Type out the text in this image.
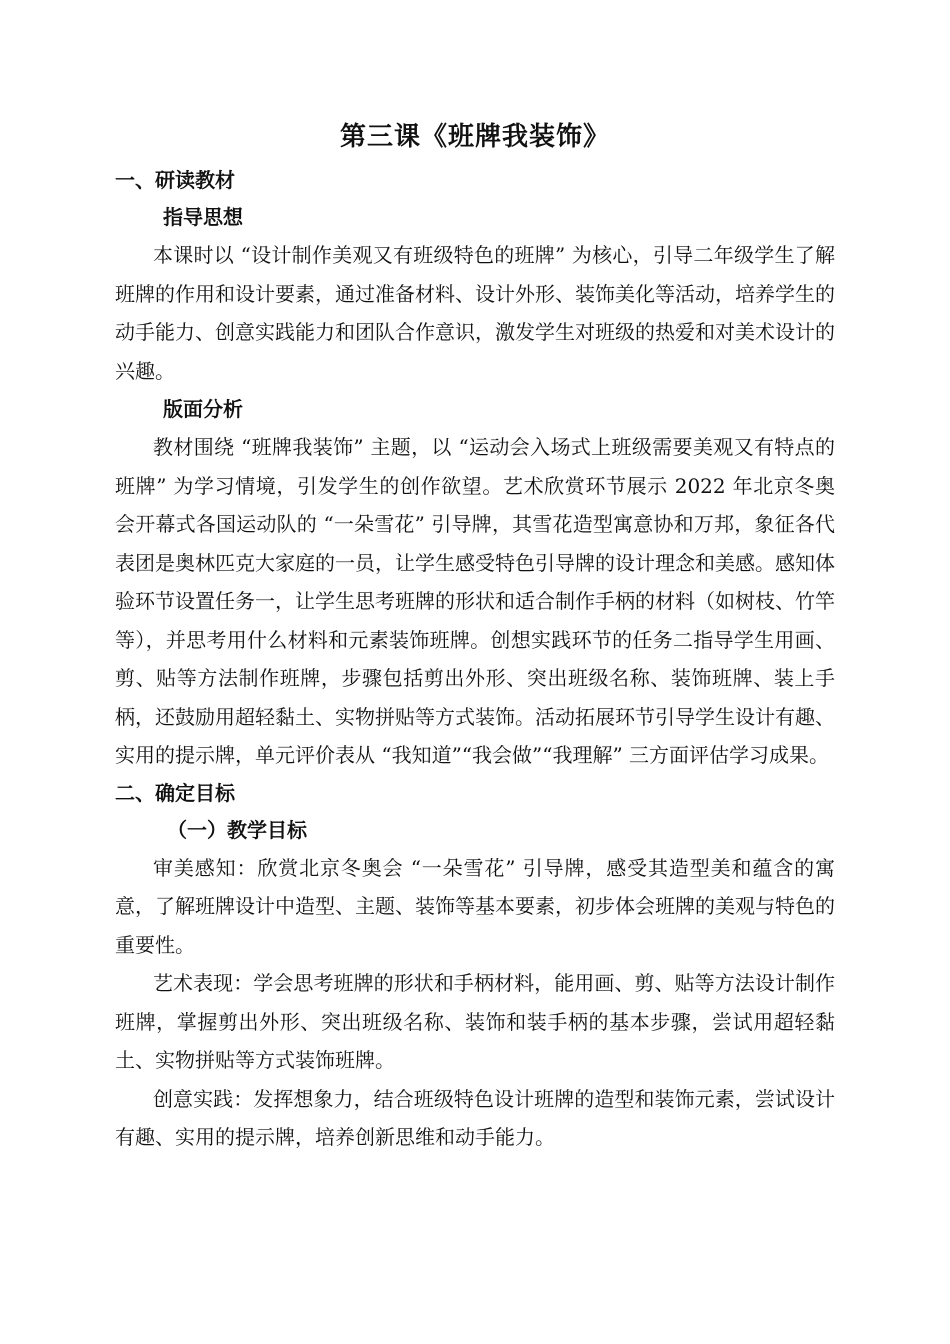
第三课《班牌我装饰》
一、研读教材
指导思想

本课时以 “设计制作美观又有班级特色的班牌” 为核心，引导二年级学生了解班牌的作用和设计要素，通过准备材料、设计外形、装饰美化等活动，培养学生的动手能力、创意实践能力和团队合作意识，激发学生对班级的热爱和对美术设计的兴趣。

版面分析

教材围绕 “班牌我装饰” 主题，以 “运动会入场式上班级需要美观又有特点的班牌” 为学习情境，引发学生的创作欲望。艺术欣赏环节展示 2022 年北京冬奥会开幕式各国运动队的 “一朵雪花” 引导牌，其雪花造型寓意协和万邦，象征各代表团是奥林匹克大家庭的一员，让学生感受特色引导牌的设计理念和美感。感知体验环节设置任务一，让学生思考班牌的形状和适合制作手柄的材料（如树枝、竹竿等），并思考用什么材料和元素装饰班牌。创想实践环节的任务二指导学生用画、剪、贴等方法制作班牌，步骤包括剪出外形、突出班级名称、装饰班牌、装上手柄，还鼓励用超轻黏土、实物拼贴等方式装饰。活动拓展环节引导学生设计有趣、实用的提示牌，单元评价表从 “我知道”“我会做”“我理解” 三方面评估学习成果。

二、确定目标
（一）教学目标

审美感知：欣赏北京冬奥会 “一朵雪花” 引导牌，感受其造型美和蕴含的寓意，了解班牌设计中造型、主题、装饰等基本要素，初步体会班牌的美观与特色的重要性。

艺术表现：学会思考班牌的形状和手柄材料，能用画、剪、贴等方法设计制作班牌，掌握剪出外形、突出班级名称、装饰和装手柄的基本步骤，尝试用超轻黏土、实物拼贴等方式装饰班牌。

创意实践：发挥想象力，结合班级特色设计班牌的造型和装饰元素，尝试设计有趣、实用的提示牌，培养创新思维和动手能力。
